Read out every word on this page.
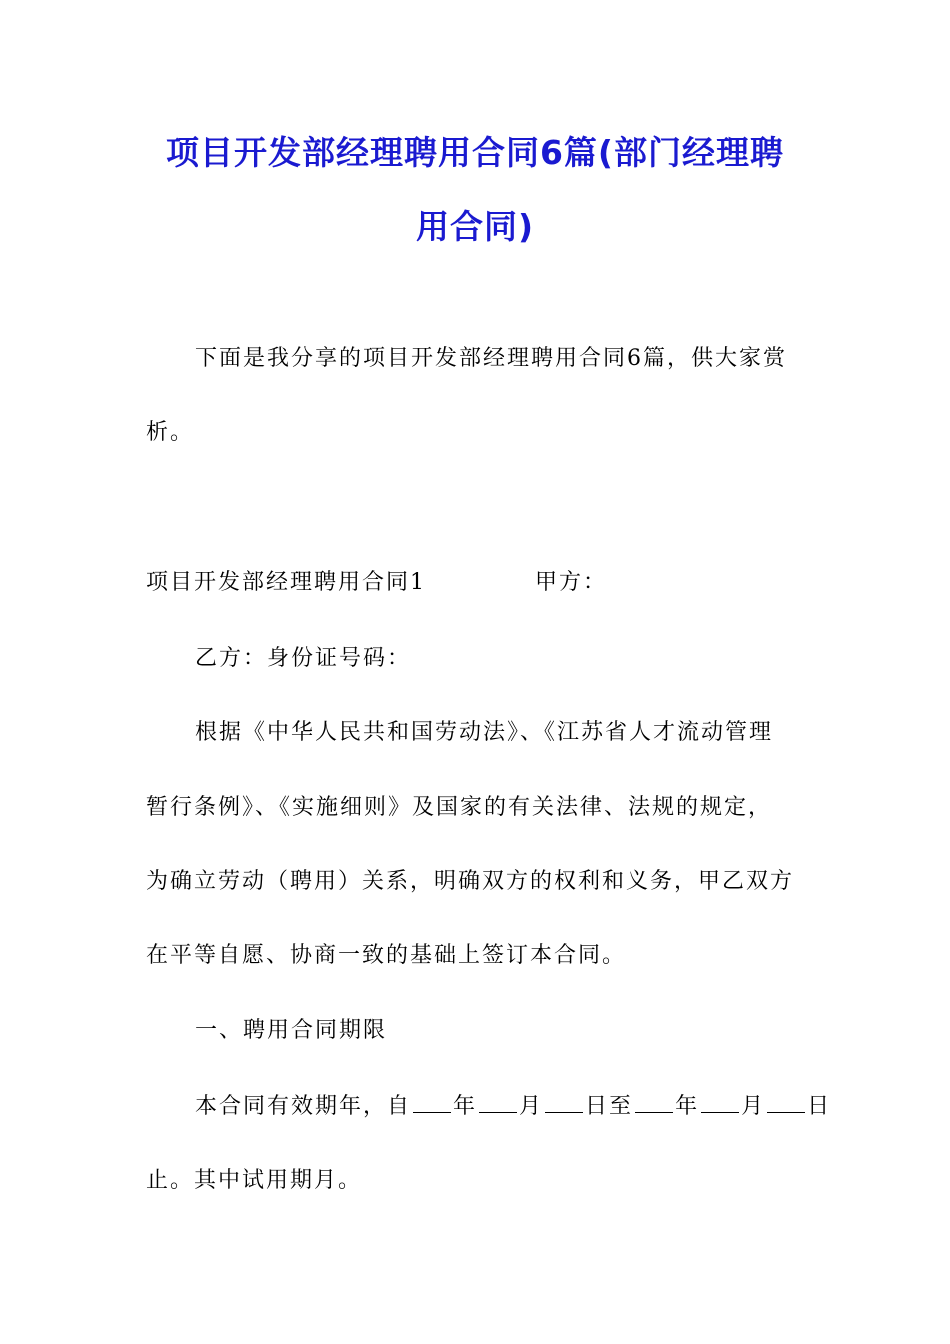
项目开发部经理聘用合同6篇(部门经理聘
用合同)
下面是我分享的项目开发部经理聘用合同6篇，供大家赏
析。
项目开发部经理聘用合同1	甲方：
乙方：身份证号码：
根据《中华人民共和国劳动法》、《江苏省人才流动管理
暂行条例》、《实施细则》及国家的有关法律、法规的规定，
为确立劳动（聘用）关系，明确双方的权利和义务，甲乙双方
在平等自愿、协商一致的基础上签订本合同。
一、聘用合同期限
本合同有效期年，自 年 月 日至 年 月 日
止。其中试用期月。
